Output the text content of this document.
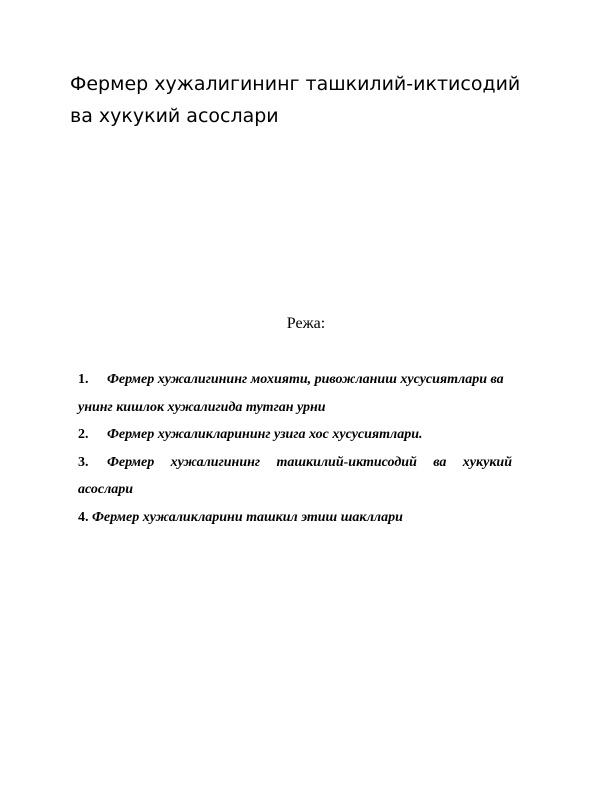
Фермер хужалигининг ташкилий-иктисодий ва хукукий асослари

Режа:

1. Фермер хужалигининг мохияти, ривожланиш хусусиятлари ва унинг кишлок хужалигида тутган урни
2. Фермер хужаликларининг узига хос хусусиятлари.
3. Фермер хужалигининг ташкилий-иктисодий ва хукукий асослари
4. Фермер хужаликларини ташкил этиш шакллари
